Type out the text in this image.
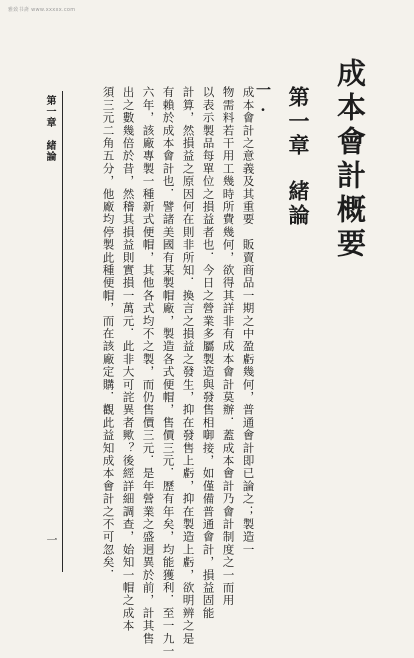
雅致书斋 www.xxxxx.com
成本會計概要
第一章緒論
一.
成本會計之意義及其重要　販賣商品一期之中盈虧幾何，普通會計即已論之；製造一
物需料若干用工幾時所費幾何，欲得其詳非有成本會計莫辦．蓋成本會計乃會計制度之一而用
以表示製品每單位之損益者也．今日之營業多屬製造與發售相啣接，如僅備普通會計，損益固能
計算，然損益之原因何在則非所知．換言之損益之發生，抑在發售上虧，抑在製造上虧，欲明辨之是
有賴於成本會計也．譬諸美國有某製帽廠，製造各式便帽，售價三元．歷有年矣，均能獲利．至一九一
六年，該廠專製一種新式便帽，其他各式均不之製，而仍售價三元．是年營業之盛迥異於前，計其售
出之數幾倍於昔，然稽其損益則實損一萬元．此非大可詫異者歟？後經詳細調查，始知一帽之成本
須三元二角五分，他廠均停製此種便帽，而在該廠定購．觀此益知成本會計之不可忽矣．
第一章緒論
一
